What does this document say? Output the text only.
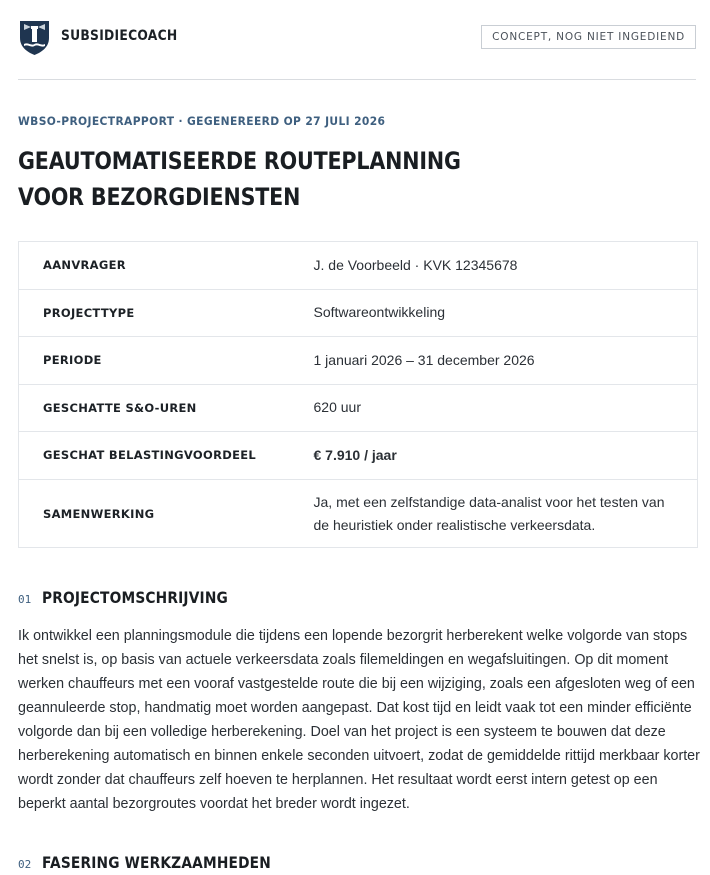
SUBSIDIECOACH	CONCEPT, NOG NIET INGEDIEND
WBSO-PROJECTRAPPORT · GEGENEREERD OP 27 JULI 2026
GEAUTOMATISEERDE ROUTEPLANNING
VOOR BEZORGDIENSTEN
AANVRAGER	J. de Voorbeeld · KVK 12345678
PROJECTTYPE	Softwareontwikkeling
PERIODE	1 januari 2026 – 31 december 2026
GESCHATTE S&O-UREN	620 uur
GESCHAT BELASTINGVOORDEEL	€ 7.910 / jaar
SAMENWERKING	Ja, met een zelfstandige data-analist voor het testen van de heuristiek onder realistische verkeersdata.
01 PROJECTOMSCHRIJVING

Ik ontwikkel een planningsmodule die tijdens een lopende bezorgrit herberekent welke volgorde van stops het snelst is, op basis van actuele verkeersdata zoals filemeldingen en wegafsluitingen. Op dit moment werken chauffeurs met een vooraf vastgestelde route die bij een wijziging, zoals een afgesloten weg of een geannuleerde stop, handmatig moet worden aangepast. Dat kost tijd en leidt vaak tot een minder efficiënte volgorde dan bij een volledige herberekening. Doel van het project is een systeem te bouwen dat deze herberekening automatisch en binnen enkele seconden uitvoert, zodat de gemiddelde rittijd merkbaar korter wordt zonder dat chauffeurs zelf hoeven te herplannen. Het resultaat wordt eerst intern getest op een beperkt aantal bezorgroutes voordat het breder wordt ingezet.

02 FASERING WERKZAAMHEDEN
